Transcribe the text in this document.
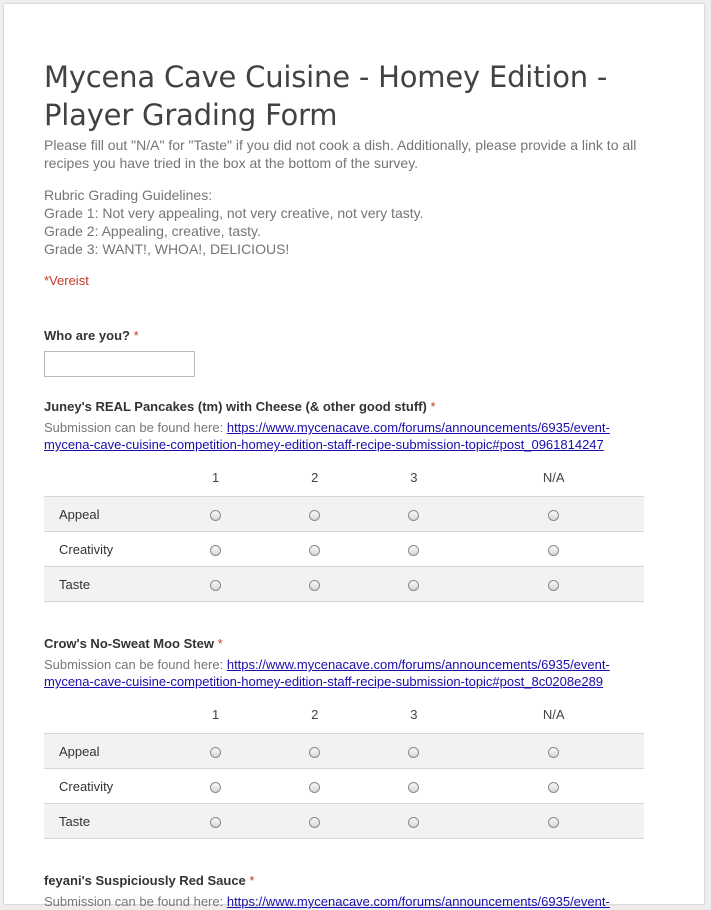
Mycena Cave Cuisine - Homey Edition - Player Grading Form

Please fill out "N/A" for "Taste" if you did not cook a dish. Additionally, please provide a link to all recipes you have tried in the box at the bottom of the survey.

Rubric Grading Guidelines:

Grade 1: Not very appealing, not very creative, not very tasty.

Grade 2: Appealing, creative, tasty.

Grade 3: WANT!, WHOA!, DELICIOUS!

*Vereist
Who are you? *
Juney's REAL Pancakes (tm) with Cheese (& other good stuff) *
Submission can be found here: https://www.mycenacave.com/forums/announcements/6935/event-
mycena-cave-cuisine-competition-homey-edition-staff-recipe-submission-topic#post_0961814247
	1	2	3	N/A
Appeal				
Creativity				
Taste				
Crow's No-Sweat Moo Stew *
Submission can be found here: https://www.mycenacave.com/forums/announcements/6935/event-
mycena-cave-cuisine-competition-homey-edition-staff-recipe-submission-topic#post_8c0208e289
	1	2	3	N/A
Appeal				
Creativity				
Taste				
feyani's Suspiciously Red Sauce *
Submission can be found here: https://www.mycenacave.com/forums/announcements/6935/event-
